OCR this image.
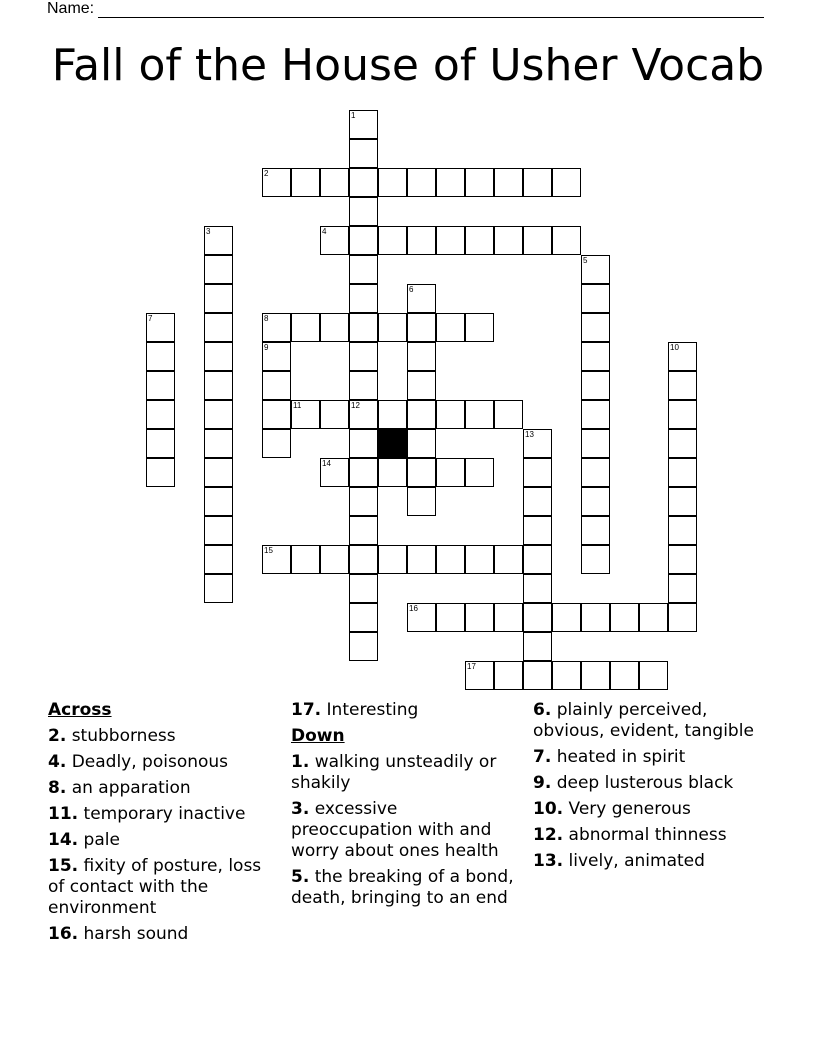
Name:
Fall of the House of Usher Vocab
1
2
3	4
5
6
7	8
9	10
11	12
13
14
15
16
17
Across
2. stubborness
4. Deadly, poisonous
8. an apparation
11. temporary inactive
14. pale
15. fixity of posture, loss of contact with the environment
16. harsh sound
17. Interesting
Down
1. walking unsteadily or shakily
3. excessive preoccupation with and worry about ones health
5. the breaking of a bond, death, bringing to an end
6. plainly perceived, obvious, evident, tangible
7. heated in spirit
9. deep lusterous black
10. Very generous
12. abnormal thinness
13. lively, animated
